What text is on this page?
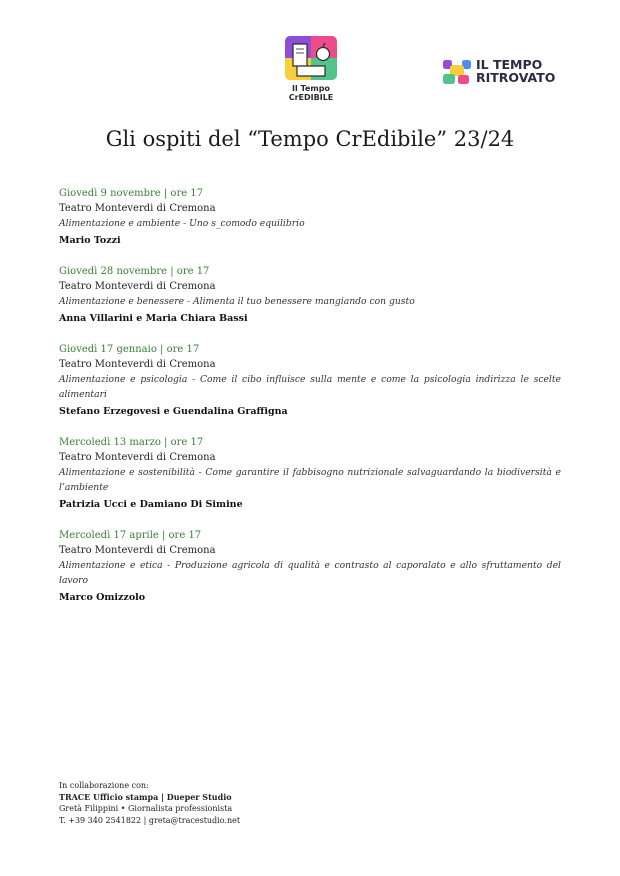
Il Tempo
CrEDIBILE
IL TEMPO
RITROVATO
Gli ospiti del “Tempo CrEdibile” 23/24
Giovedì 9 novembre | ore 17
Teatro Monteverdi di Cremona
Alimentazione e ambiente - Uno s_comodo equilibrio
Mario Tozzi
Giovedì 28 novembre | ore 17
Teatro Monteverdi di Cremona
Alimentazione e benessere - Alimenta il tuo benessere mangiando con gusto
Anna Villarini e Maria Chiara Bassi
Giovedì 17 gennaio | ore 17
Teatro Monteverdi di Cremona
Alimentazione e psicologia - Come il cibo influisce sulla mente e come la psicologia indirizza le scelte alimentari
Stefano Erzegovesi e Guendalina Graffigna
Mercoledì 13 marzo | ore 17
Teatro Monteverdi di Cremona
Alimentazione e sostenibilità - Come garantire il fabbisogno nutrizionale salvaguardando la biodiversità e l’ambiente
Patrizia Ucci e Damiano Di Simine
Mercoledì 17 aprile | ore 17
Teatro Monteverdi di Cremona
Alimentazione e etica - Produzione agricola di qualità e contrasto al caporalato e allo sfruttamento del lavoro
Marco Omizzolo
In collaborazione con:
TRACE Ufficio stampa | Dueper Studio
Gretà Filippini • Giornalista professionista
T. +39 340 2541822 | greta@tracestudio.net
